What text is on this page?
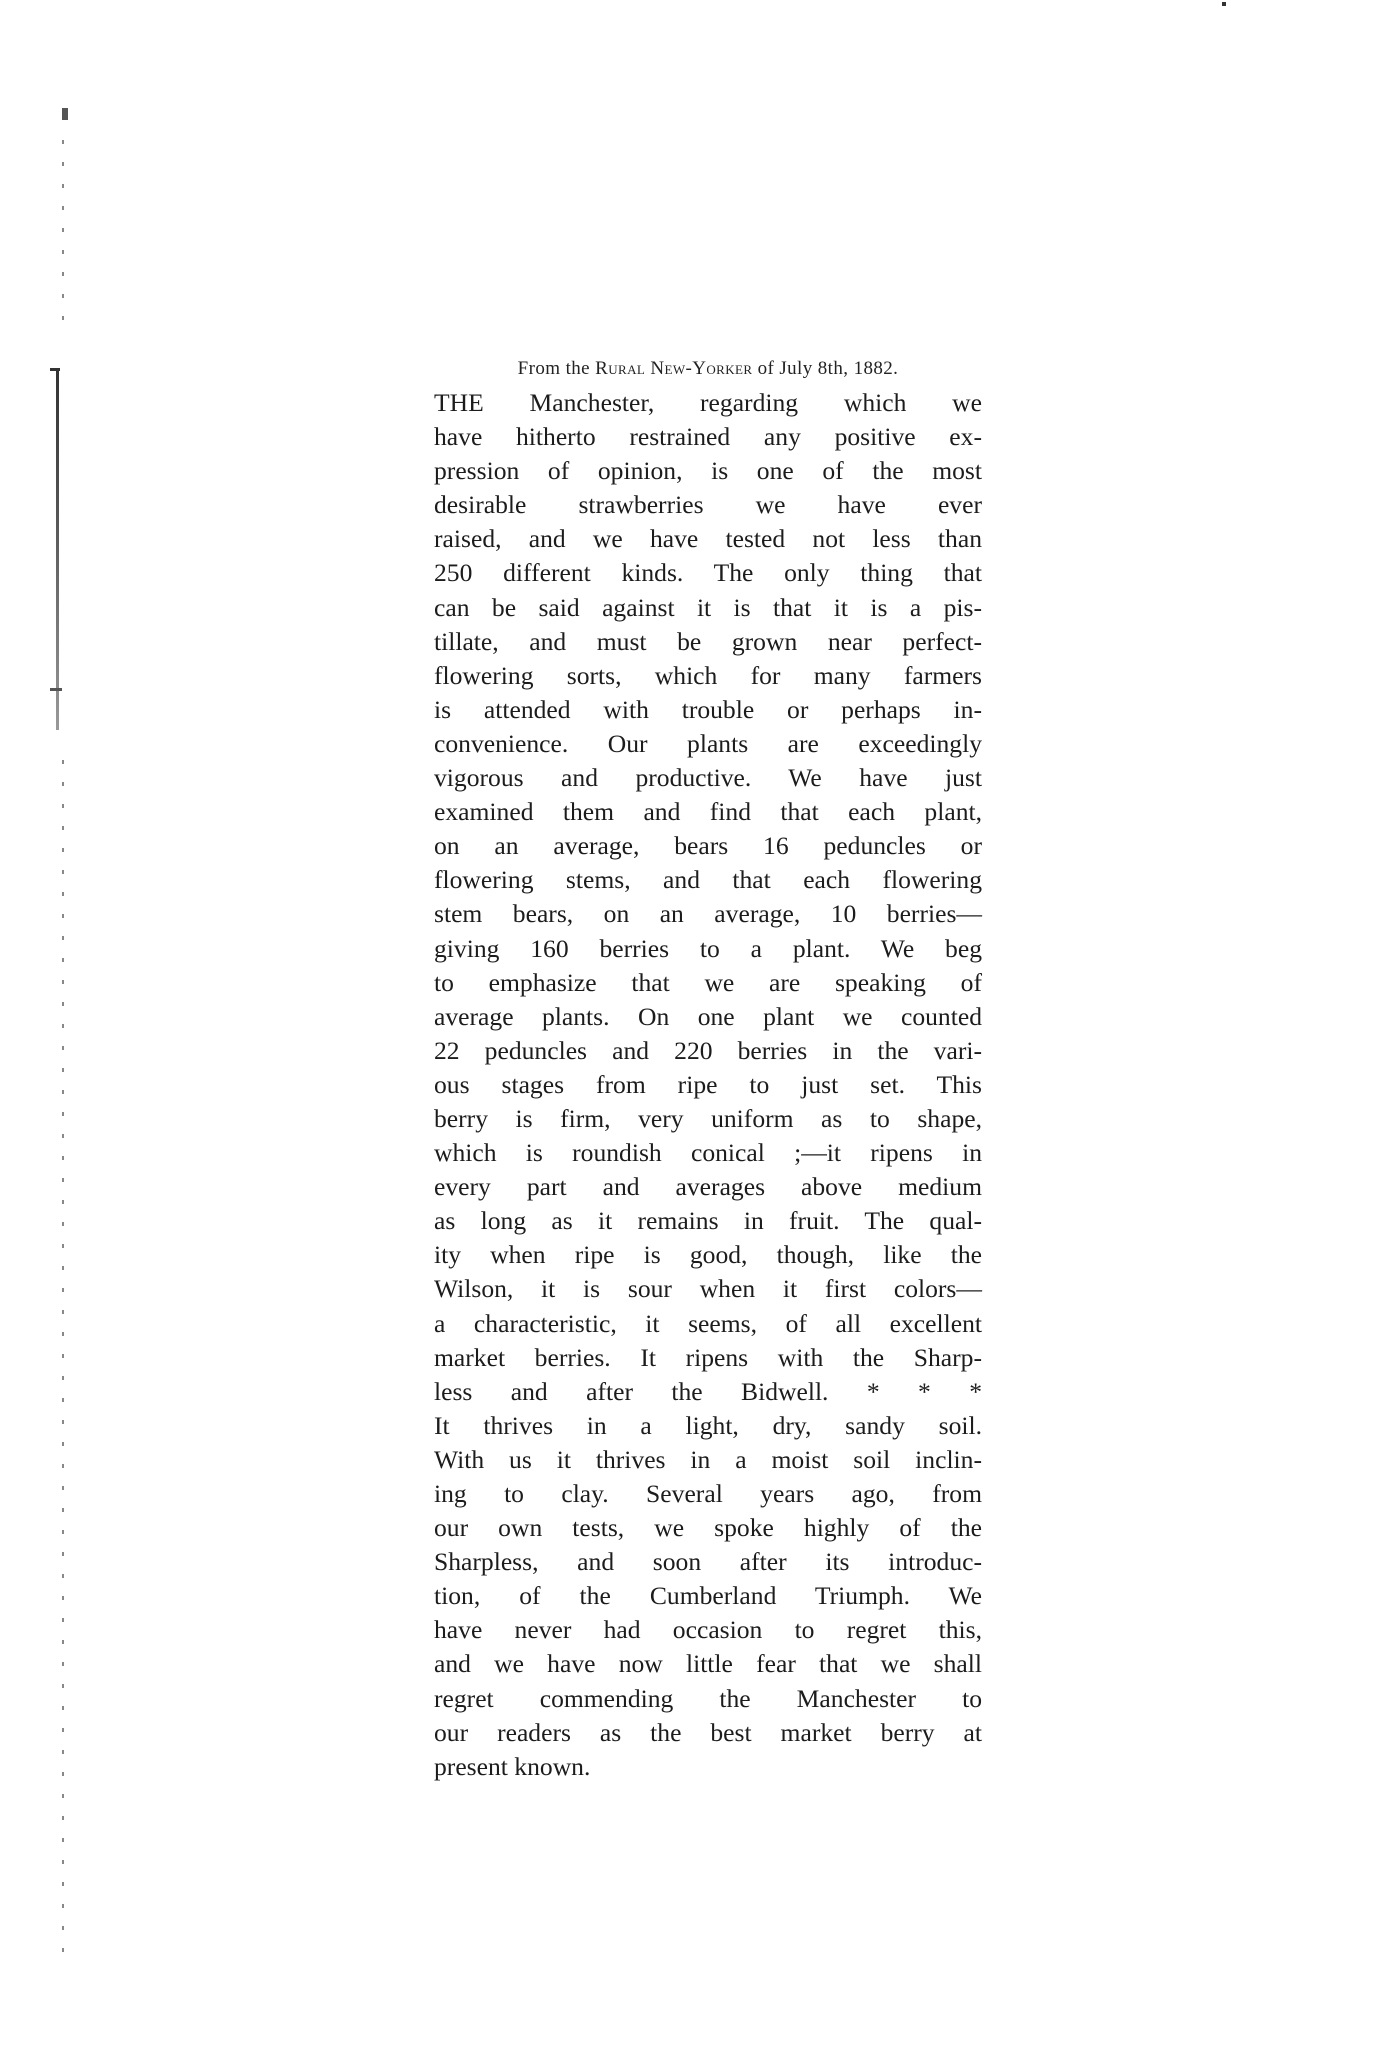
From the Rural New-Yorker of July 8th, 1882.

THE Manchester, regarding which we
have hitherto restrained any positive ex-
pression of opinion, is one of the most
desirable strawberries we have ever
raised, and we have tested not less than
250 different kinds. The only thing that
can be said against it is that it is a pis-
tillate, and must be grown near perfect-
flowering sorts, which for many farmers
is attended with trouble or perhaps in-
convenience. Our plants are exceedingly
vigorous and productive. We have just
examined them and find that each plant,
on an average, bears 16 peduncles or
flowering stems, and that each flowering
stem bears, on an average, 10 berries—
giving 160 berries to a plant. We beg
to emphasize that we are speaking of
average plants. On one plant we counted
22 peduncles and 220 berries in the vari-
ous stages from ripe to just set. This
berry is firm, very uniform as to shape,
which is roundish conical ;—it ripens in
every part and averages above medium
as long as it remains in fruit. The qual-
ity when ripe is good, though, like the
Wilson, it is sour when it first colors—
a characteristic, it seems, of all excellent
market berries. It ripens with the Sharp-
less and after the Bidwell. * * *
It thrives in a light, dry, sandy soil.
With us it thrives in a moist soil inclin-
ing to clay. Several years ago, from
our own tests, we spoke highly of the
Sharpless, and soon after its introduc-
tion, of the Cumberland Triumph. We
have never had occasion to regret this,
and we have now little fear that we shall
regret commending the Manchester to
our readers as the best market berry at
present known.
